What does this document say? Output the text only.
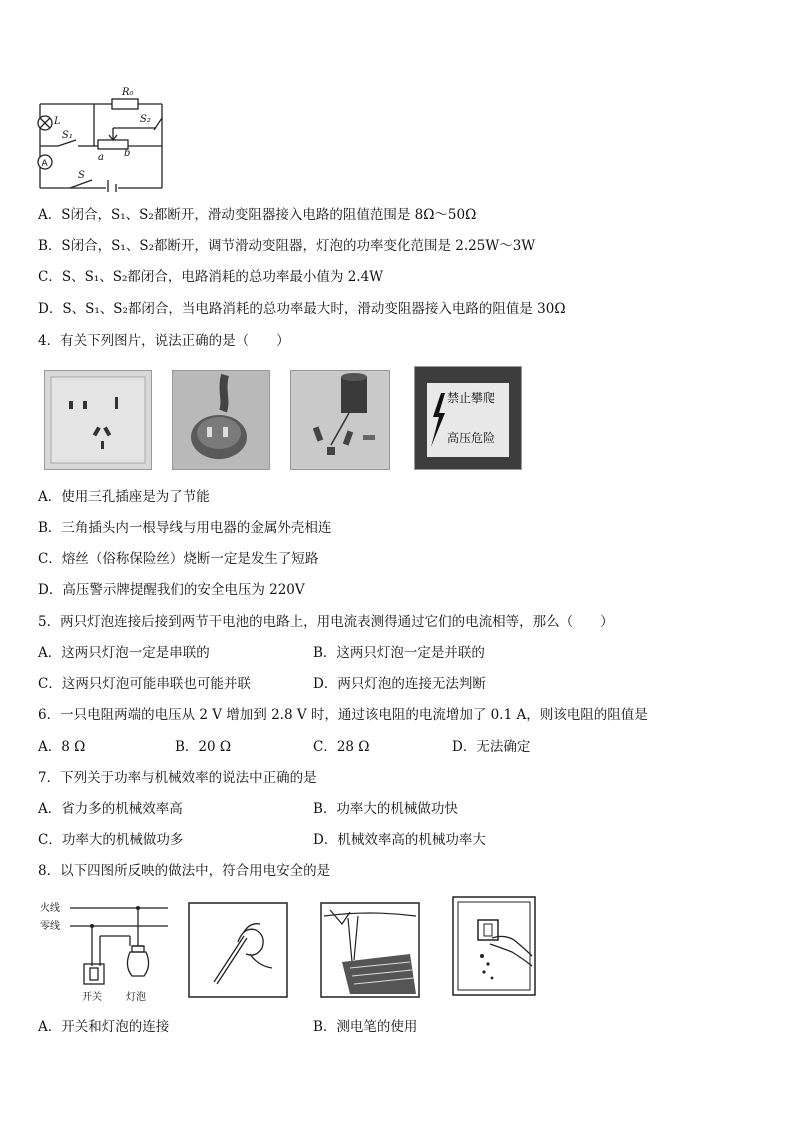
R₀
L
S₁
S₂
a b
S
A
A．S闭合，S₁、S₂都断开，滑动变阻器接入电路的阻值范围是 8Ω～50Ω
B．S闭合，S₁、S₂都断开，调节滑动变阻器，灯泡的功率变化范围是 2.25W～3W
C．S、S₁、S₂都闭合，电路消耗的总功率最小值为 2.4W
D．S、S₁、S₂都闭合，当电路消耗的总功率最大时，滑动变阻器接入电路的阻值是 30Ω
4．有关下列图片，说法正确的是（　　）
禁止攀爬
高压危险
A．使用三孔插座是为了节能
B．三角插头内一根导线与用电器的金属外壳相连
C．熔丝（俗称保险丝）烧断一定是发生了短路
D．高压警示牌提醒我们的安全电压为 220V
5．两只灯泡连接后接到两节干电池的电路上，用电流表测得通过它们的电流相等，那么（　　）
A．这两只灯泡一定是串联的	B．这两只灯泡一定是并联的
C．这两只灯泡可能串联也可能并联	D．两只灯泡的连接无法判断
6．一只电阻两端的电压从 2 V 增加到 2.8 V 时，通过该电阻的电流增加了 0.1 A，则该电阻的阻值是
A．8 Ω	B．20 Ω	C．28 Ω	D．无法确定
7．下列关于功率与机械效率的说法中正确的是
A．省力多的机械效率高	B．功率大的机械做功快
C．功率大的机械做功多	D．机械效率高的机械功率大
8．以下四图所反映的做法中，符合用电安全的是
火线
零线
开关 灯泡
A．开关和灯泡的连接	B．测电笔的使用
